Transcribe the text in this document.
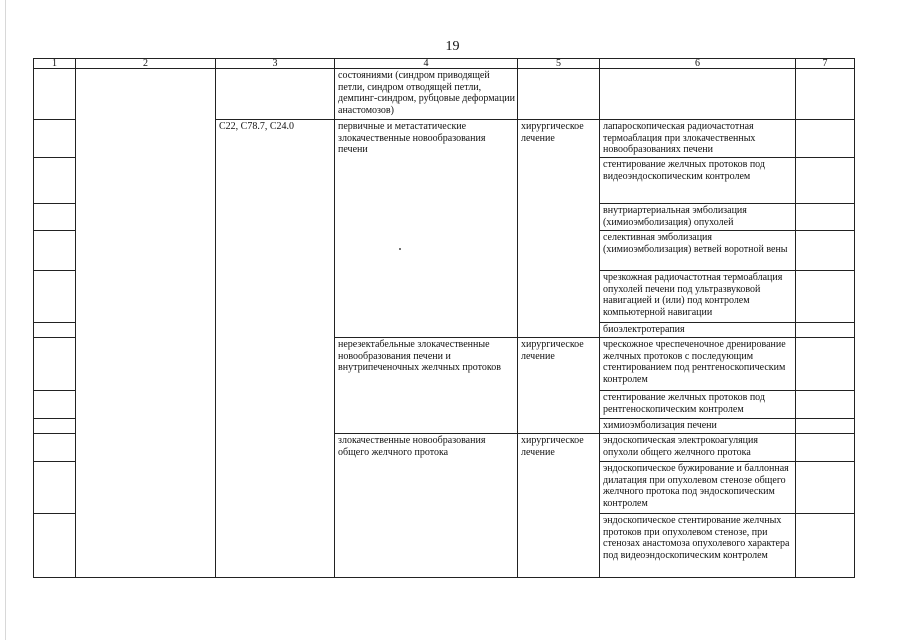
19
1	2	3	4	5	6	7
			состояниями (синдром приводящей петли, синдром отводящей петли, демпинг-синдром, рубцовые деформации анастомозов)			
		C22, C78.7, C24.0	первичные и метастатические злокачественные новообразования печени	хирургическое лечение	лапароскопическая радиочастотная термоаблация при злокачественных новообразованиях печени	
					стентирование желчных протоков под видеоэндоскопическим контролем	
					внутриартериальная эмболизация (химиоэмболизация) опухолей	
					селективная эмболизация (химиоэмболизация) ветвей воротной вены	
					чрезкожная радиочастотная термоаблация опухолей печени под ультразвуковой навигацией и (или) под контролем компьютерной навигации	
					биоэлектротерапия	
			нерезектабельные злокачественные новообразования печени и внутрипеченочных желчных протоков	хирургическое лечение	чрескожное чреспеченочное дренирование желчных протоков с последующим стентированием под рентгеноскопическим контролем	
					стентирование желчных протоков под рентгеноскопическим контролем	
					химиоэмболизация печени	
			злокачественные новообразования общего желчного протока	хирургическое лечение	эндоскопическая электрокоагуляция опухоли общего желчного протока	
					эндоскопическое бужирование и баллонная дилатация при опухолевом стенозе общего желчного протока под эндоскопическим контролем	
					эндоскопическое стентирование желчных протоков при опухолевом стенозе, при стенозах анастомоза опухолевого характера под видеоэндоскопическим контролем	
